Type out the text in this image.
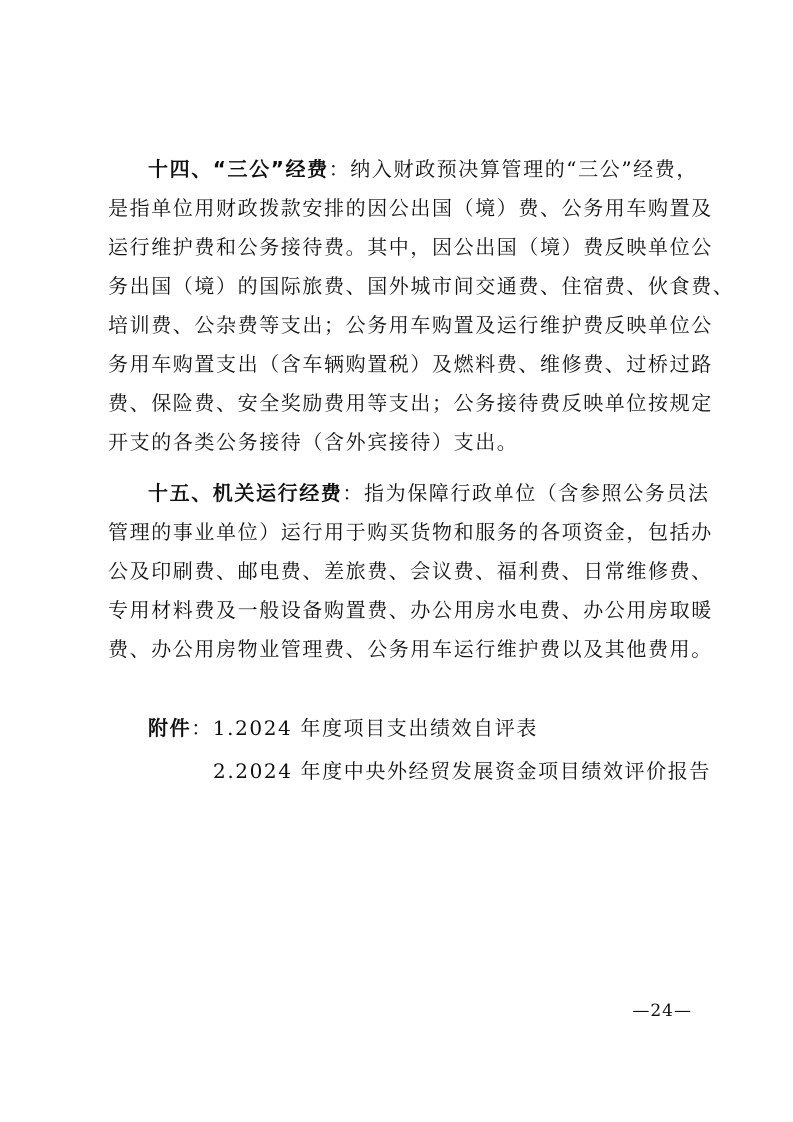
十四、“三公”经费：纳入财政预决算管理的“三公”经费，
是指单位用财政拨款安排的因公出国（境）费、公务用车购置及
运行维护费和公务接待费。其中，因公出国（境）费反映单位公
务出国（境）的国际旅费、国外城市间交通费、住宿费、伙食费、
培训费、公杂费等支出；公务用车购置及运行维护费反映单位公
务用车购置支出（含车辆购置税）及燃料费、维修费、过桥过路
费、保险费、安全奖励费用等支出；公务接待费反映单位按规定
开支的各类公务接待（含外宾接待）支出。
十五、机关运行经费：指为保障行政单位（含参照公务员法
管理的事业单位）运行用于购买货物和服务的各项资金，包括办
公及印刷费、邮电费、差旅费、会议费、福利费、日常维修费、
专用材料费及一般设备购置费、办公用房水电费、办公用房取暖
费、办公用房物业管理费、公务用车运行维护费以及其他费用。
附件：1.2024 年度项目支出绩效自评表
2.2024 年度中央外经贸发展资金项目绩效评价报告
—24—
